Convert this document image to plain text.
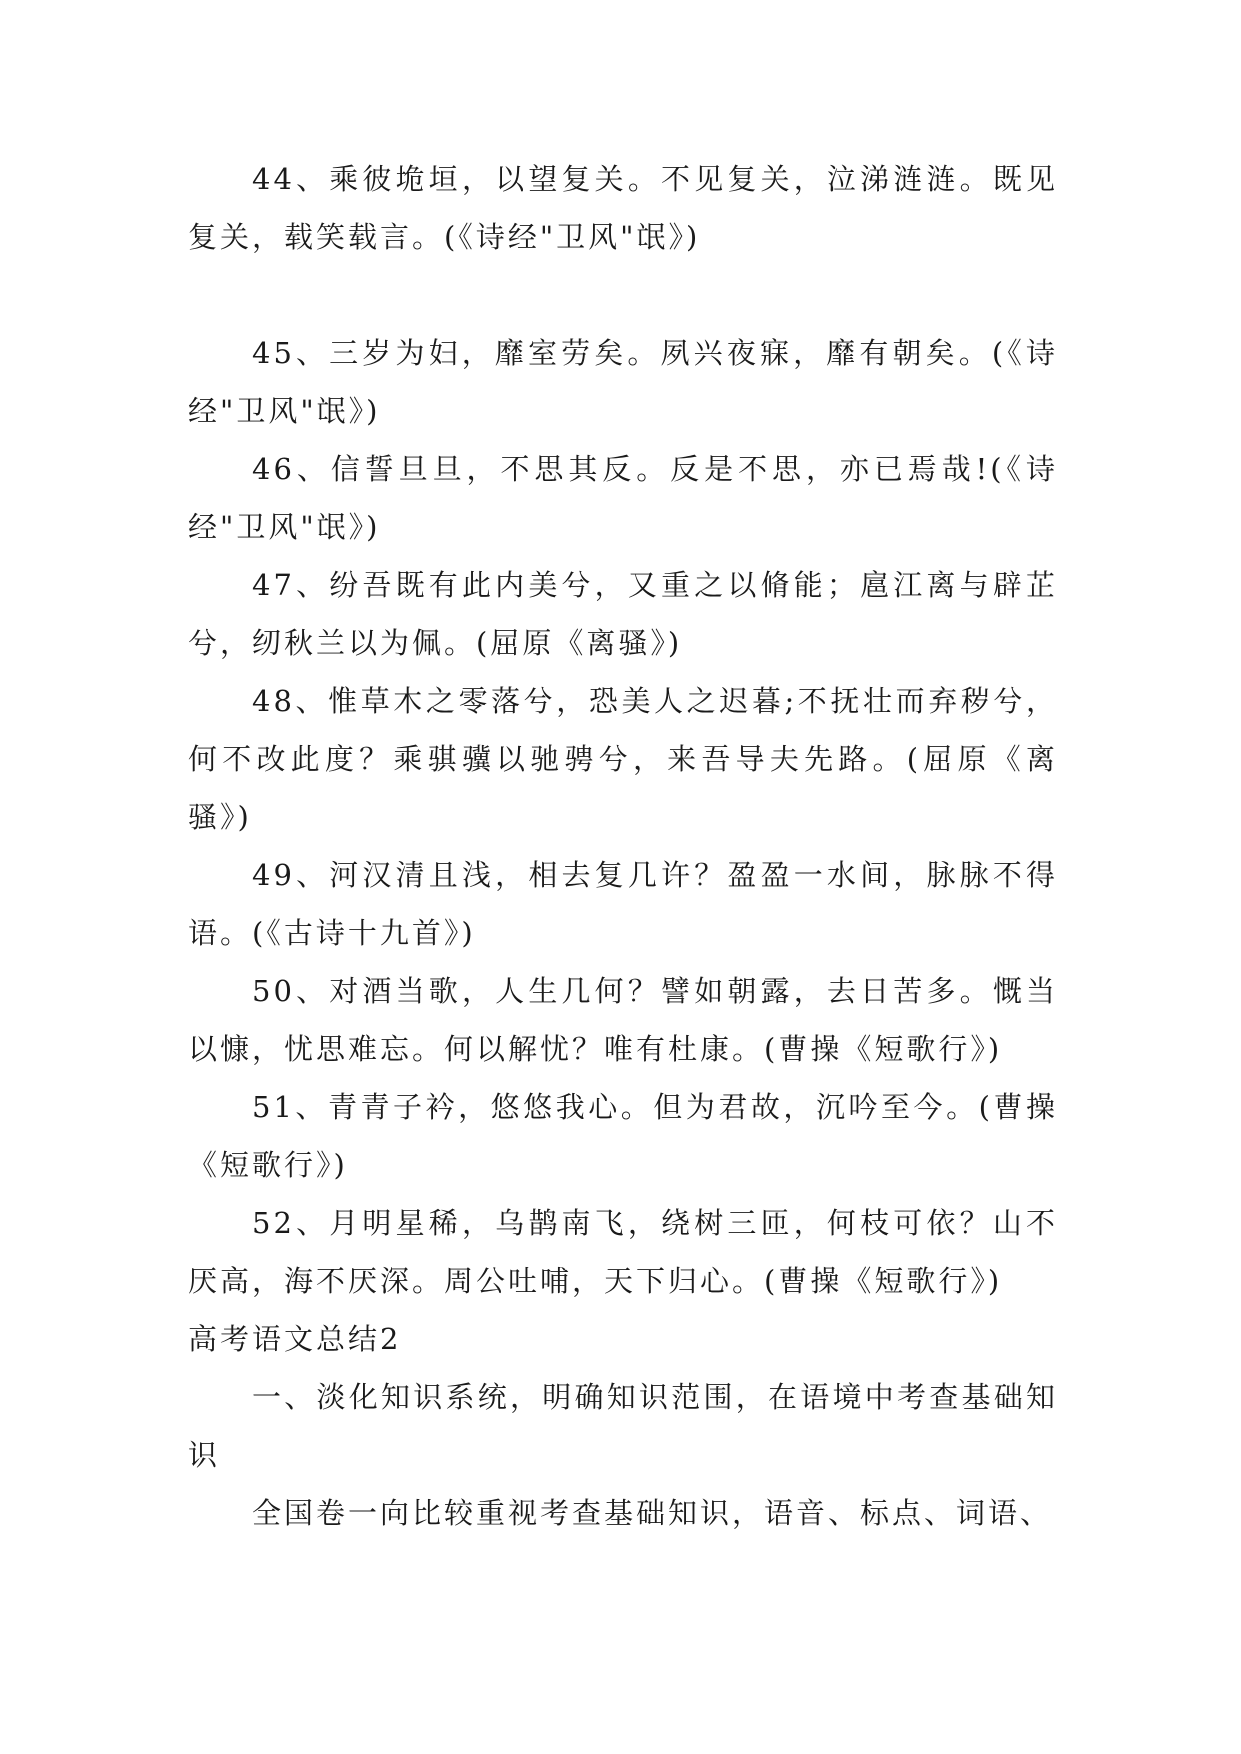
44、乘彼垝垣，以望复关。不见复关，泣涕涟涟。既见复关，载笑载言。(《诗经"卫风"氓》)

45、三岁为妇，靡室劳矣。夙兴夜寐，靡有朝矣。(《诗经"卫风"氓》)

46、信誓旦旦，不思其反。反是不思，亦已焉哉!(《诗经"卫风"氓》)

47、纷吾既有此内美兮，又重之以脩能；扈江离与辟芷兮，纫秋兰以为佩。(屈原《离骚》)

48、惟草木之零落兮，恐美人之迟暮;不抚壮而弃秽兮，何不改此度？乘骐骥以驰骋兮，来吾导夫先路。(屈原《离骚》)

49、河汉清且浅，相去复几许？盈盈一水间，脉脉不得语。(《古诗十九首》)

50、对酒当歌，人生几何？譬如朝露，去日苦多。慨当以慷，忧思难忘。何以解忧？唯有杜康。(曹操《短歌行》)

51、青青子衿，悠悠我心。但为君故，沉吟至今。(曹操《短歌行》)

52、月明星稀，乌鹊南飞，绕树三匝，何枝可依？山不厌高，海不厌深。周公吐哺，天下归心。(曹操《短歌行》)

高考语文总结2

一、淡化知识系统，明确知识范围，在语境中考查基础知识

全国卷一向比较重视考查基础知识，语音、标点、词语、
